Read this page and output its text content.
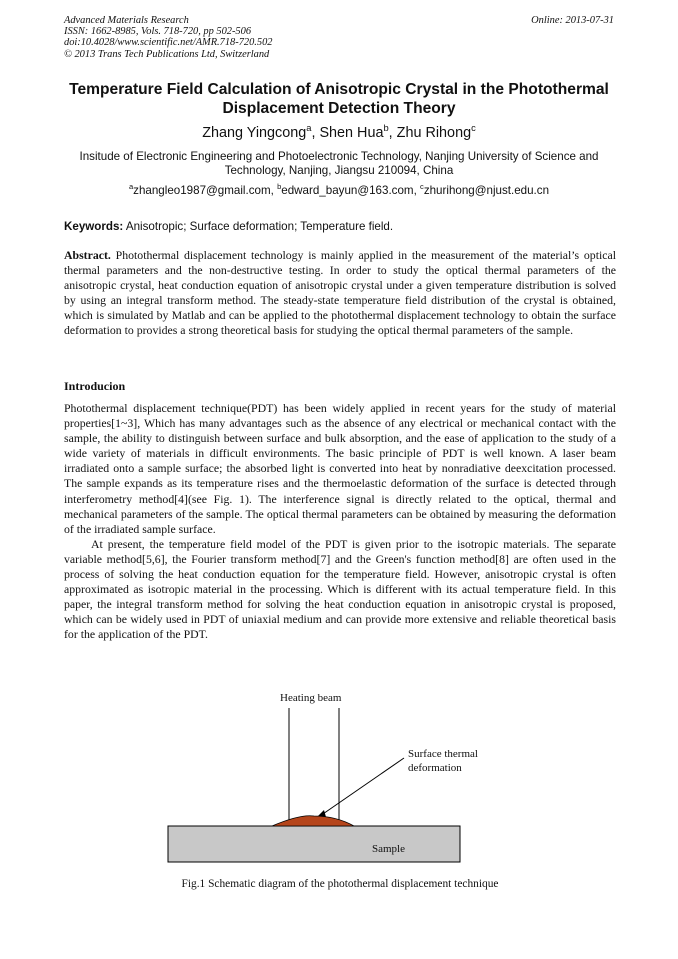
Advanced Materials Research
ISSN: 1662-8985, Vols. 718-720, pp 502-506
doi:10.4028/www.scientific.net/AMR.718-720.502
© 2013 Trans Tech Publications Ltd, Switzerland
Online: 2013-07-31
Temperature Field Calculation of Anisotropic Crystal in the Photothermal Displacement Detection Theory
Zhang Yingcong$^a$, Shen Hua$^b$, Zhu Rihong$^c$
Insitude of Electronic Engineering and Photoelectronic Technology, Nanjing University of Science and Technology, Nanjing, Jiangsu 210094, China
$^a$zhangleo1987@gmail.com, $^b$edward_bayun@163.com, $^c$zhurihong@njust.edu.cn
Keywords: Anisotropic; Surface deformation; Temperature field.

Abstract. Photothermal displacement technology is mainly applied in the measurement of the material’s optical thermal parameters and the non-destructive testing. In order to study the optical thermal parameters of the anisotropic crystal, heat conduction equation of anisotropic crystal under a given temperature distribution is solved by using an integral transform method. The steady-state temperature field distribution of the crystal is obtained, which is simulated by Matlab and can be applied to the photothermal displacement technology to obtain the surface deformation to provides a strong theoretical basis for studying the optical thermal parameters of the sample.

Introducion

Photothermal displacement technique(PDT) has been widely applied in recent years for the study of material properties[1~3], Which has many advantages such as the absence of any electrical or mechanical contact with the sample, the ability to distinguish between surface and bulk absorption, and the ease of application to the study of a wide variety of materials in difficult environments. The basic principle of PDT is well known. A laser beam irradiated onto a sample surface; the absorbed light is converted into heat by nonradiative deexcitation processed. The sample expands as its temperature rises and the thermoelastic deformation of the surface is detected through interferometry method[4](see Fig. 1). The interference signal is directly related to the optical, thermal and mechanical parameters of the sample. The optical thermal parameters can be obtained by measuring the deformation of the irradiated sample surface.

At present, the temperature field model of the PDT is given prior to the isotropic materials. The separate variable method[5,6], the Fourier transform method[7] and the Green's function method[8] are often used in the process of solving the heat conduction equation for the temperature field. However, anisotropic crystal is often approximated as isotropic material in the processing. Which is different with its actual temperature field. In this paper, the integral transform method for solving the heat conduction equation in anisotropic crystal is proposed, which can be widely used in PDT of uniaxial medium and can provide more extensive and reliable theoretical basis for the application of the PDT.

Heating beam
Surface thermal
deformation
Sample
Fig.1 Schematic diagram of the photothermal displacement technique
